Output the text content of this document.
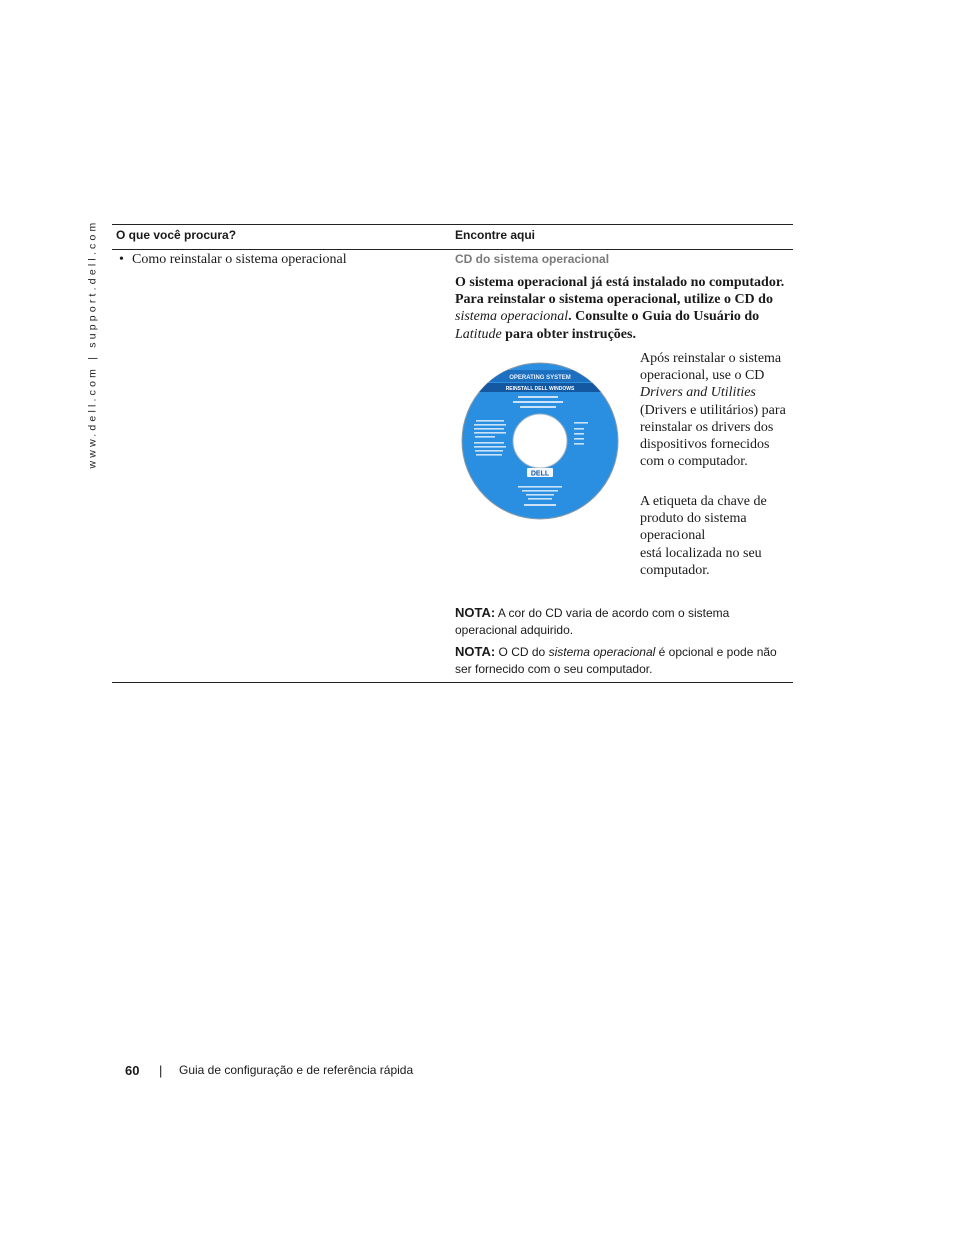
www.dell.com | support.dell.com O que você procura?	Encontre aqui
• Como reinstalar o sistema operacional	CD do sistema operacional
O sistema operacional já está instalado no computador. Para reinstalar o sistema operacional, utilize o CD do sistema operacional. Consulte o Guia do Usuário do Latitude para obter instruções.
OPERATING SYSTEM
REINSTALL DELL WINDOWS
DELL
Após reinstalar o sistema operacional, use o CD Drivers and Utilities (Drivers e utilitários) para reinstalar os drivers dos dispositivos fornecidos com o computador.
A etiqueta da chave de produto do sistema operacional
está localizada no seu
computador.
NOTA: A cor do CD varia de acordo com o sistema operacional adquirido.
NOTA: O CD do sistema operacional é opcional e pode não ser fornecido com o seu computador.
60 | Guia de configuração e de referência rápida
